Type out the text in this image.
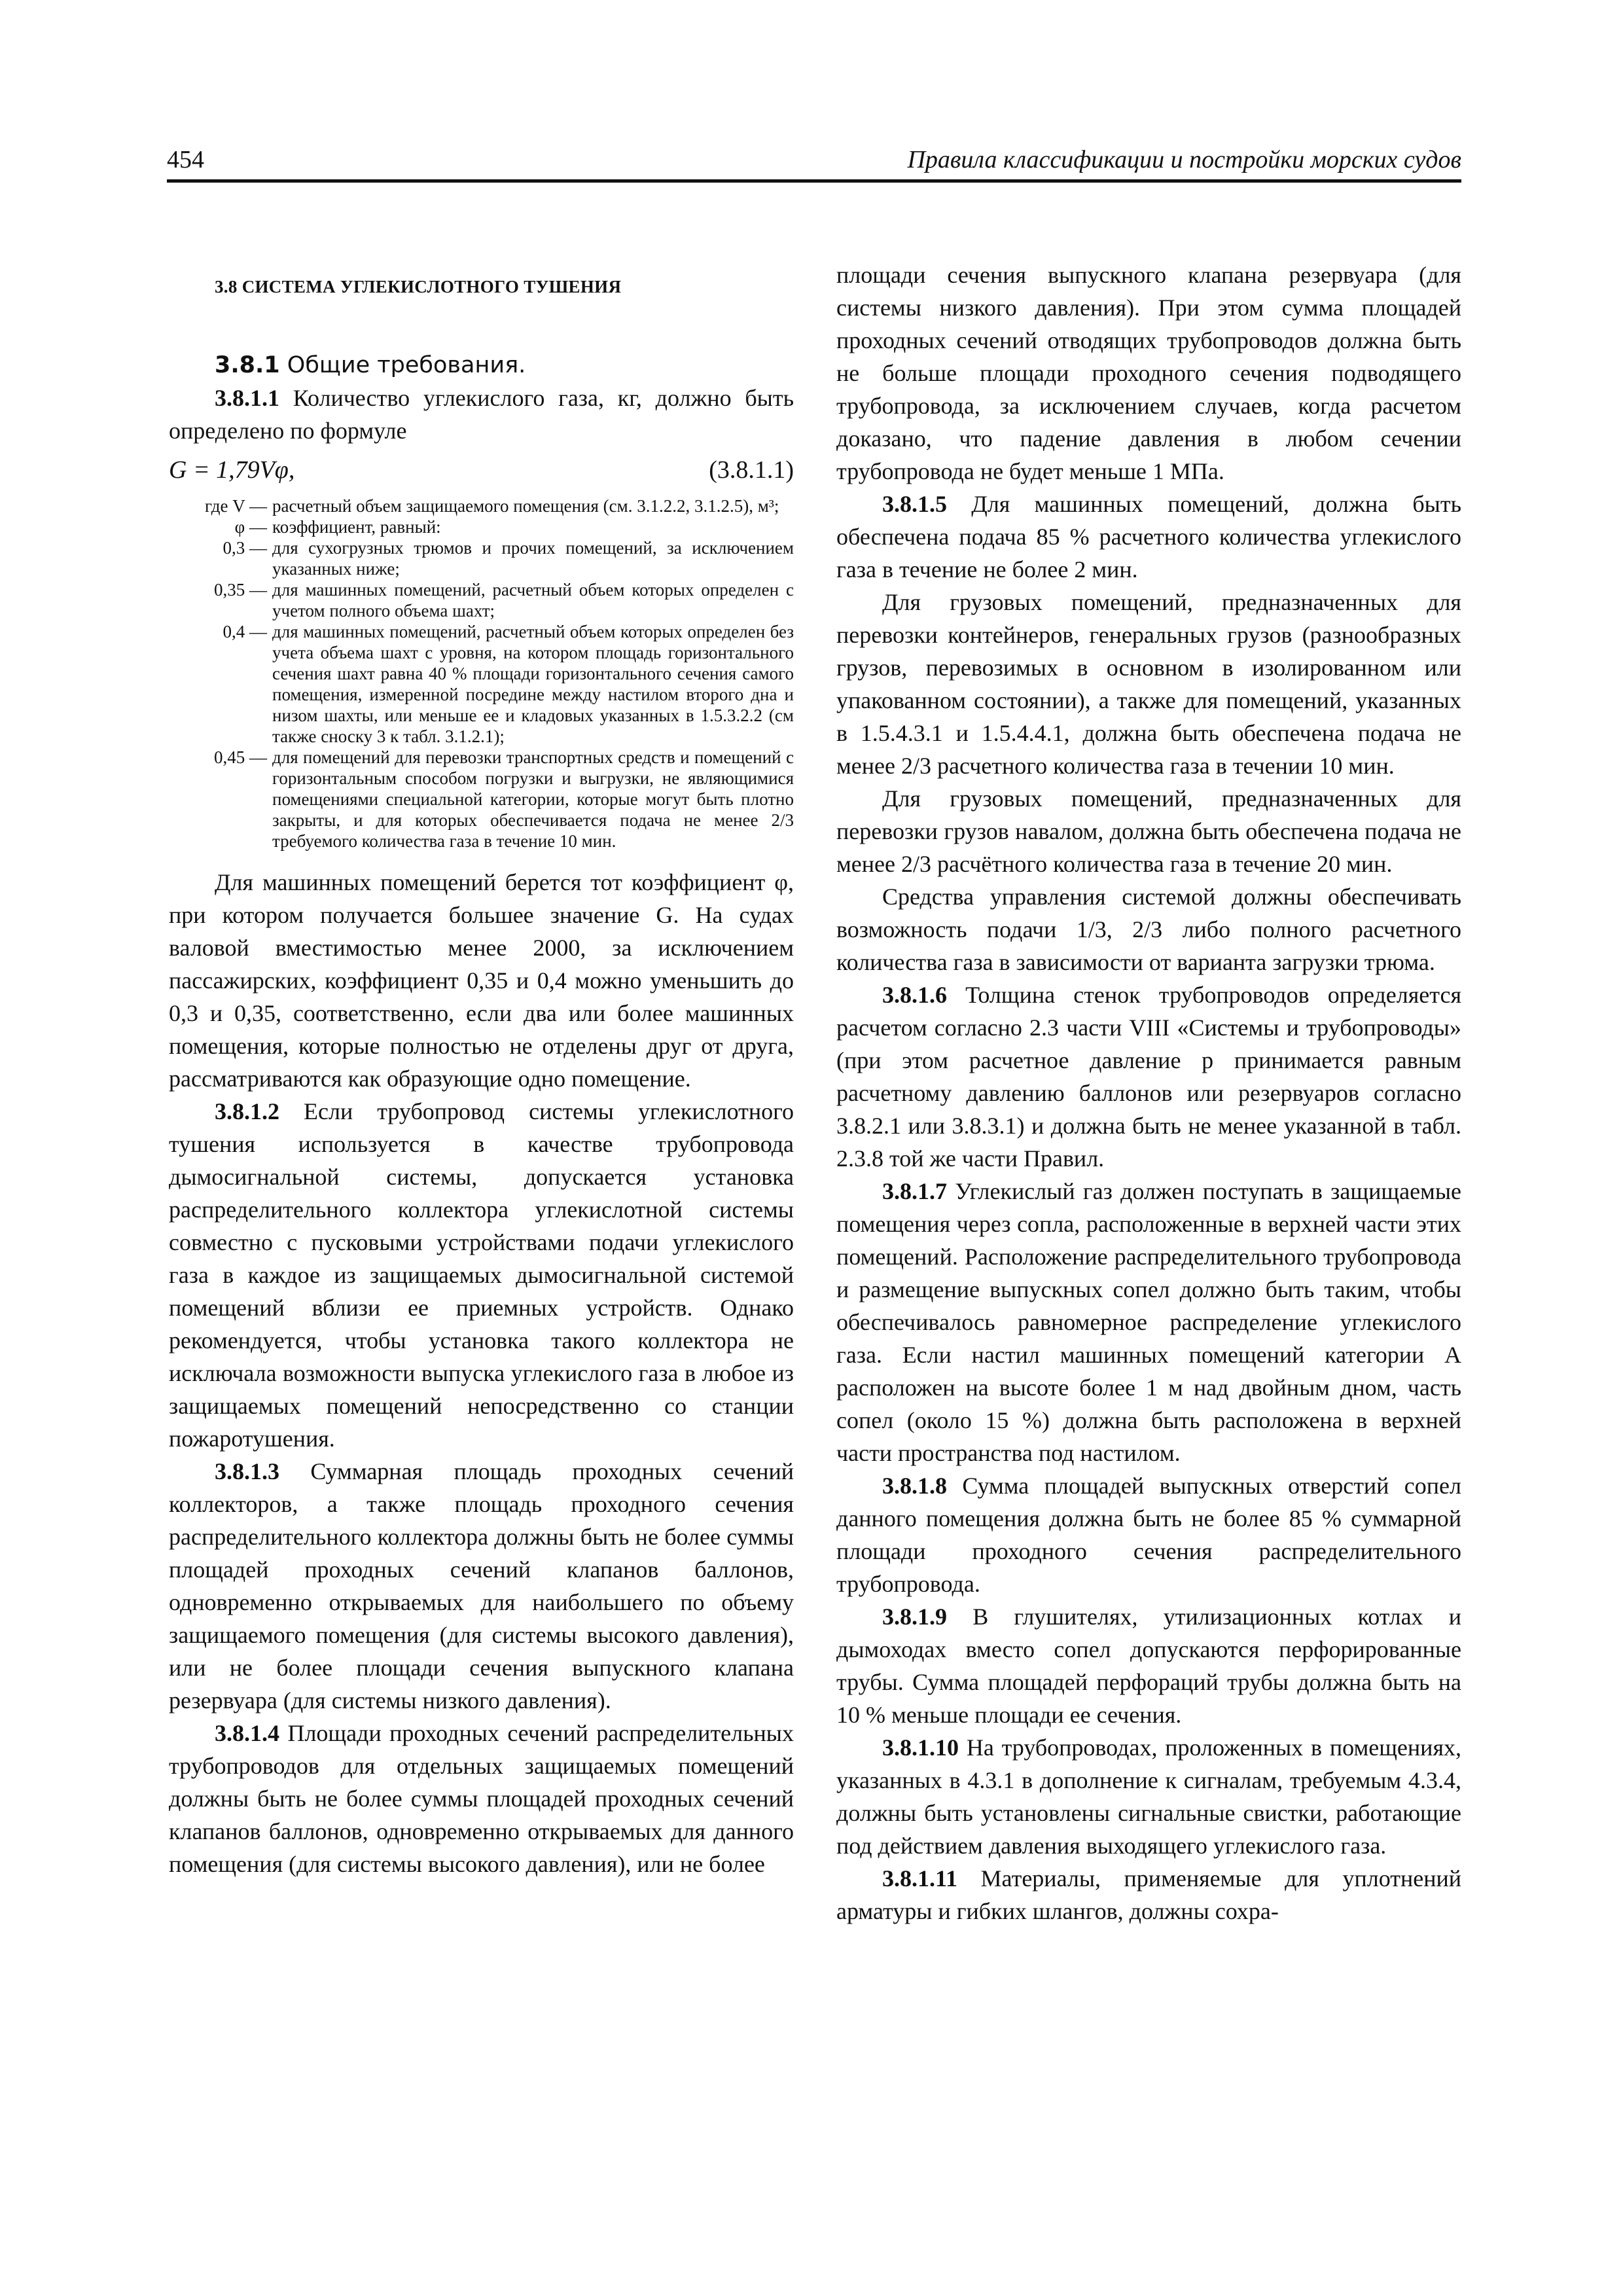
454	Правила классификации и постройки морских судов
3.8 СИСТЕМА УГЛЕКИСЛОТНОГО ТУШЕНИЯ

3.8.1 Общие требования.

3.8.1.1 Количество углекислого газа, кг, должно быть определено по формуле

G = 1,79Vφ,	(3.8.1.1)
где V — расчетный объем защищаемого помещения (см. 3.1.2.2, 3.1.2.5), м³;
φ — коэффициент, равный:
0,3 — для сухогрузных трюмов и прочих помещений, за исключением указанных ниже;
0,35 — для машинных помещений, расчетный объем которых определен с учетом полного объема шахт;
0,4 — для машинных помещений, расчетный объем которых определен без учета объема шахт с уровня, на котором площадь горизонтального сечения шахт равна 40 % площади горизонтального сечения самого помещения, измеренной посредине между настилом второго дна и низом шахты, или меньше ее и кладовых указанных в 1.5.3.2.2 (см также сноску 3 к табл. 3.1.2.1);
0,45 — для помещений для перевозки транспортных средств и помещений с горизонтальным способом погрузки и выгрузки, не являющимися помещениями специальной категории, которые могут быть плотно закрыты, и для которых обеспечивается подача не менее 2/3 требуемого количества газа в течение 10 мин.

Для машинных помещений берется тот коэффициент φ, при котором получается большее значение G. На судах валовой вместимостью менее 2000, за исключением пассажирских, коэффициент 0,35 и 0,4 можно уменьшить до 0,3 и 0,35, соответственно, если два или более машинных помещения, которые полностью не отделены друг от друга, рассматриваются как образующие одно помещение.

3.8.1.2 Если трубопровод системы углекислотного тушения используется в качестве трубопровода дымосигнальной системы, допускается установка распределительного коллектора углекислотной системы совместно с пусковыми устройствами подачи углекислого газа в каждое из защищаемых дымосигнальной системой помещений вблизи ее приемных устройств. Однако рекомендуется, чтобы установка такого коллектора не исключала возможности выпуска углекислого газа в любое из защищаемых помещений непосредственно со станции пожаротушения.

3.8.1.3 Суммарная площадь проходных сечений коллекторов, а также площадь проходного сечения распределительного коллектора должны быть не более суммы площадей проходных сечений клапанов баллонов, одновременно открываемых для наибольшего по объему защищаемого помещения (для системы высокого давления), или не более площади сечения выпускного клапана резервуара (для системы низкого давления).

3.8.1.4 Площади проходных сечений распределительных трубопроводов для отдельных защищаемых помещений должны быть не более суммы площадей проходных сечений клапанов баллонов, одновременно открываемых для данного помещения (для системы высокого давления), или не более

площади сечения выпускного клапана резервуара (для системы низкого давления). При этом сумма площадей проходных сечений отводящих трубопроводов должна быть не больше площади проходного сечения подводящего трубопровода, за исключением случаев, когда расчетом доказано, что падение давления в любом сечении трубопровода не будет меньше 1 МПа.

3.8.1.5 Для машинных помещений, должна быть обеспечена подача 85 % расчетного количества углекислого газа в течение не более 2 мин.

Для грузовых помещений, предназначенных для перевозки контейнеров, генеральных грузов (разнообразных грузов, перевозимых в основном в изолированном или упакованном состоянии), а также для помещений, указанных в 1.5.4.3.1 и 1.5.4.4.1, должна быть обеспечена подача не менее 2/3 расчетного количества газа в течении 10 мин.

Для грузовых помещений, предназначенных для перевозки грузов навалом, должна быть обеспечена подача не менее 2/3 расчётного количества газа в течение 20 мин.

Средства управления системой должны обеспечивать возможность подачи 1/3, 2/3 либо полного расчетного количества газа в зависимости от варианта загрузки трюма.

3.8.1.6 Толщина стенок трубопроводов определяется расчетом согласно 2.3 части VIII «Системы и трубопроводы» (при этом расчетное давление p принимается равным расчетному давлению баллонов или резервуаров согласно 3.8.2.1 или 3.8.3.1) и должна быть не менее указанной в табл. 2.3.8 той же части Правил.

3.8.1.7 Углекислый газ должен поступать в защищаемые помещения через сопла, расположенные в верхней части этих помещений. Расположение распределительного трубопровода и размещение выпускных сопел должно быть таким, чтобы обеспечивалось равномерное распределение углекислого газа. Если настил машинных помещений категории А расположен на высоте более 1 м над двойным дном, часть сопел (около 15 %) должна быть расположена в верхней части пространства под настилом.

3.8.1.8 Сумма площадей выпускных отверстий сопел данного помещения должна быть не более 85 % суммарной площади проходного сечения распределительного трубопровода.

3.8.1.9 В глушителях, утилизационных котлах и дымоходах вместо сопел допускаются перфорированные трубы. Сумма площадей перфораций трубы должна быть на 10 % меньше площади ее сечения.

3.8.1.10 На трубопроводах, проложенных в помещениях, указанных в 4.3.1 в дополнение к сигналам, требуемым 4.3.4, должны быть установлены сигнальные свистки, работающие под действием давления выходящего углекислого газа.

3.8.1.11 Материалы, применяемые для уплотнений арматуры и гибких шлангов, должны сохра-
